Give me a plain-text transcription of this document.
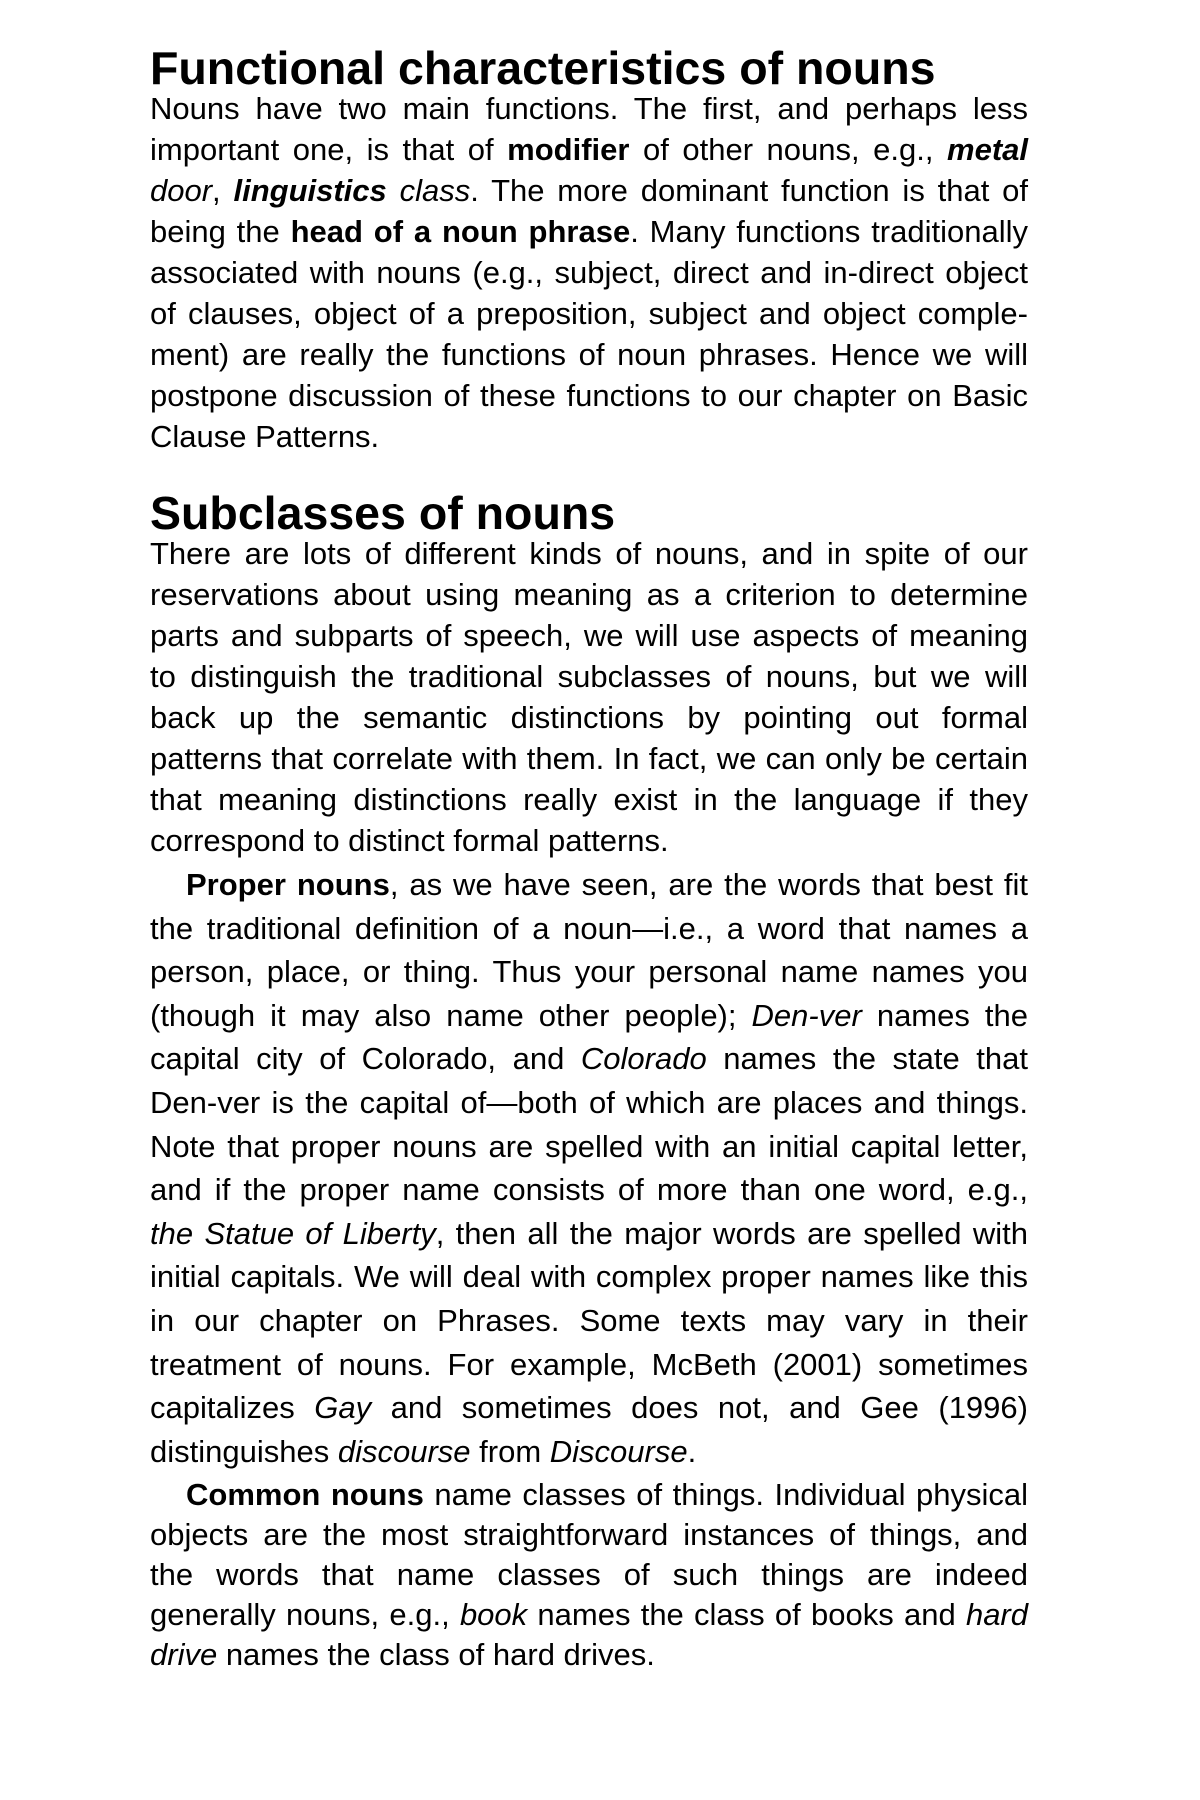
Functional characteristics of nouns

Nouns have two main functions. The first, and perhaps less important one, is that of modifier of other nouns, e.g., metal door, linguistics class. The more dominant function is that of being the head of a noun phrase. Many functions traditionally associated with nouns (e.g., subject, direct and in-direct object of clauses, object of a preposition, subject and object comple-ment) are really the functions of noun phrases. Hence we will postpone discussion of these functions to our chapter on Basic Clause Patterns.

Subclasses of nouns

There are lots of different kinds of nouns, and in spite of our reservations about using meaning as a criterion to determine parts and subparts of speech, we will use aspects of meaning to distinguish the traditional subclasses of nouns, but we will back up the semantic distinctions by pointing out formal patterns that correlate with them. In fact, we can only be certain that meaning distinctions really exist in the language if they correspond to distinct formal patterns.

Proper nouns, as we have seen, are the words that best fit the traditional definition of a noun—i.e., a word that names a person, place, or thing. Thus your personal name names you (though it may also name other people); Den-ver names the capital city of Colorado, and Colorado names the state that Den-ver is the capital of—both of which are places and things. Note that proper nouns are spelled with an initial capital letter, and if the proper name consists of more than one word, e.g., the Statue of Liberty, then all the major words are spelled with initial capitals. We will deal with complex proper names like this in our chapter on Phrases. Some texts may vary in their treatment of nouns. For example, McBeth (2001) sometimes capitalizes Gay and sometimes does not, and Gee (1996) distinguishes discourse from Discourse.

Common nouns name classes of things. Individual physical objects are the most straightforward instances of things, and the words that name classes of such things are indeed generally nouns, e.g., book names the class of books and hard drive names the class of hard drives.
